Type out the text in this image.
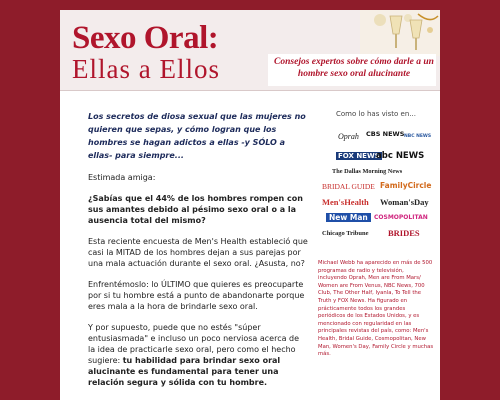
Sexo Oral:
Ellas a Ellos	Consejos expertos sobre cómo darle a un hombre sexo oral alucinante

Los secretos de diosa sexual que las mujeres no quieren que sepas, y cómo logran que los hombres se hagan adictos a ellas -y SÓLO a ellas- para siempre...

Estimada amiga:

¿Sabías que el 44% de los hombres rompen con sus amantes debido al pésimo sexo oral o a la ausencia total del mismo?

Esta reciente encuesta de Men's Health estableció que casi la MITAD de los hombres dejan a sus parejas por una mala actuación durante el sexo oral. ¿Asusta, no?

Enfrentémoslo: lo ÚLTIMO que quieres es preocuparte por si tu hombre está a punto de abandonarte porque eres mala a la hora de brindarle sexo oral.

Y por supuesto, puede que no estés "súper entusiasmada" e incluso un poco nerviosa acerca de la idea de practicarle sexo oral, pero como el hecho sugiere: tu habilidad para brindar sexo oral alucinante es fundamental para tener una relación segura y sólida con tu hombre.

Como lo has visto en...
Oprah CBS NEWS NBC NEWS
FOX NEWS
abc NEWS
The Dallas Morning News
BRIDAL GUIDE FamilyCircle
Men'sHealth Woman'sDay
New Man	COSMOPOLITAN
Chicago Tribune BRIDES
Michael Webb ha aparecido en más de 500 programas de radio y televisión, incluyendo Oprah, Men are From Mars/ Women are From Venus, NBC News, 700 Club, The Other Half, Iyanla, To Tell the Truth y FOX News. Ha figurado en prácticamente todos los grandes periódicos de los Estados Unidos, y es mencionado con regularidad en las principales revistas del país, como: Men's Health, Bridal Guide, Cosmopolitan, New Man, Women's Day, Family Circle y muchas más.
